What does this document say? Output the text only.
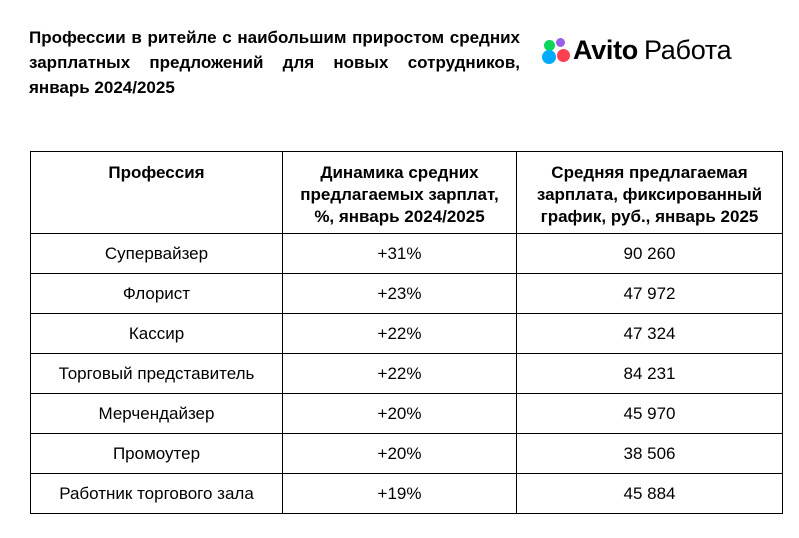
Профессии в ритейле с наибольшим приростом средних зарплатных предложений для новых сотрудников, январь 2024/2025
Avito Работа
Профессия	Динамика средних предлагаемых зарплат, %, январь 2024/2025	Средняя предлагаемая зарплата, фиксированный график, руб., январь 2025
Супервайзер	+31%	90 260
Флорист	+23%	47 972
Кассир	+22%	47 324
Торговый представитель	+22%	84 231
Мерчендайзер	+20%	45 970
Промоутер	+20%	38 506
Работник торгового зала	+19%	45 884
